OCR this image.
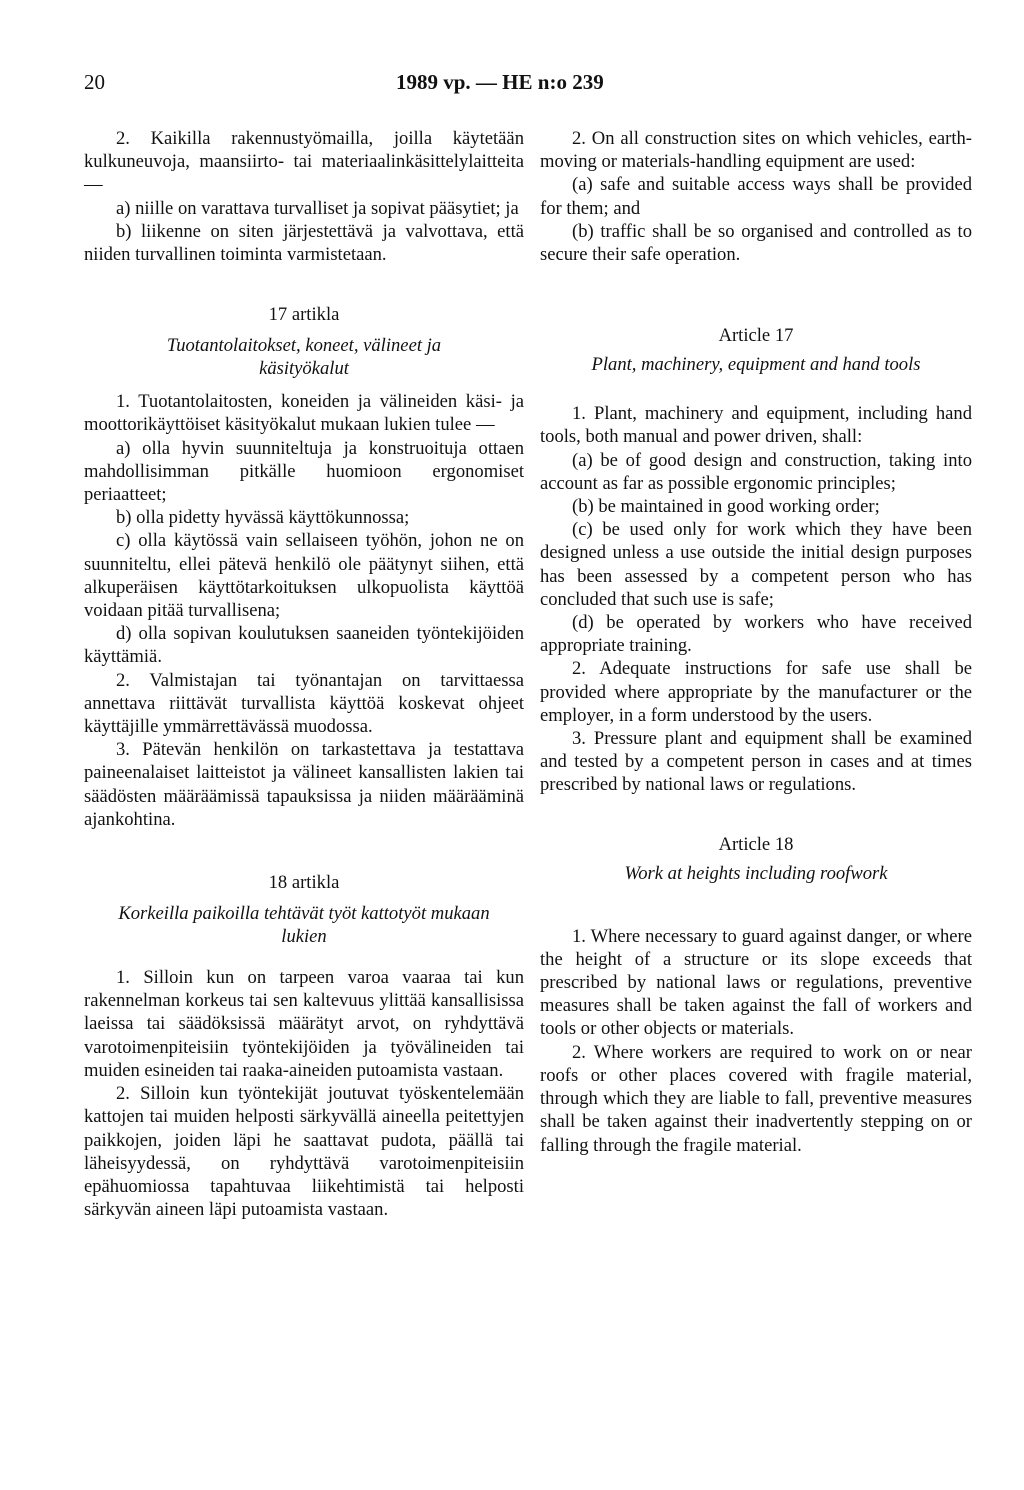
20	1989 vp. — HE n:o 239

2. Kaikilla rakennustyömailla, joilla käytetään kulkuneuvoja, maansiirto- tai materiaalinkäsittelylaitteita —

a) niille on varattava turvalliset ja sopivat pääsytiet; ja

b) liikenne on siten järjestettävä ja valvottava, että niiden turvallinen toiminta varmistetaan.

17 artikla

Tuotantolaitokset, koneet, välineet ja käsityökalut

1. Tuotantolaitosten, koneiden ja välineiden käsi- ja moottorikäyttöiset käsityökalut mukaan lukien tulee —

a) olla hyvin suunniteltuja ja konstruoituja ottaen mahdollisimman pitkälle huomioon ergonomiset periaatteet;

b) olla pidetty hyvässä käyttökunnossa;

c) olla käytössä vain sellaiseen työhön, johon ne on suunniteltu, ellei pätevä henkilö ole päätynyt siihen, että alkuperäisen käyttötarkoituksen ulkopuolista käyttöä voidaan pitää turvallisena;

d) olla sopivan koulutuksen saaneiden työntekijöiden käyttämiä.

2. Valmistajan tai työnantajan on tarvittaessa annettava riittävät turvallista käyttöä koskevat ohjeet käyttäjille ymmärrettävässä muodossa.

3. Pätevän henkilön on tarkastettava ja testattava paineenalaiset laitteistot ja välineet kansallisten lakien tai säädösten määräämissä tapauksissa ja niiden määrääminä ajankohtina.

18 artikla

Korkeilla paikoilla tehtävät työt kattotyöt mukaan lukien

1. Silloin kun on tarpeen varoa vaaraa tai kun rakennelman korkeus tai sen kaltevuus ylittää kansallisissa laeissa tai säädöksissä määrätyt arvot, on ryhdyttävä varotoimenpiteisiin työntekijöiden ja työvälineiden tai muiden esineiden tai raaka-aineiden putoamista vastaan.

2. Silloin kun työntekijät joutuvat työskentelemään kattojen tai muiden helposti särkyvällä aineella peitettyjen paikkojen, joiden läpi he saattavat pudota, päällä tai läheisyydessä, on ryhdyttävä varotoimenpiteisiin epähuomiossa tapahtuvaa liikehtimistä tai helposti särkyvän aineen läpi putoamista vastaan.

2. On all construction sites on which vehicles, earth-moving or materials-handling equipment are used:

(a) safe and suitable access ways shall be provided for them; and

(b) traffic shall be so organised and controlled as to secure their safe operation.

Article 17

Plant, machinery, equipment and hand tools

1. Plant, machinery and equipment, including hand tools, both manual and power driven, shall:

(a) be of good design and construction, taking into account as far as possible ergonomic principles;

(b) be maintained in good working order;

(c) be used only for work which they have been designed unless a use outside the initial design purposes has been assessed by a competent person who has concluded that such use is safe;

(d) be operated by workers who have received appropriate training.

2. Adequate instructions for safe use shall be provided where appropriate by the manufacturer or the employer, in a form understood by the users.

3. Pressure plant and equipment shall be examined and tested by a competent person in cases and at times prescribed by national laws or regulations.

Article 18

Work at heights including roofwork

1. Where necessary to guard against danger, or where the height of a structure or its slope exceeds that prescribed by national laws or regulations, preventive measures shall be taken against the fall of workers and tools or other objects or materials.

2. Where workers are required to work on or near roofs or other places covered with fragile material, through which they are liable to fall, preventive measures shall be taken against their inadvertently stepping on or falling through the fragile material.
